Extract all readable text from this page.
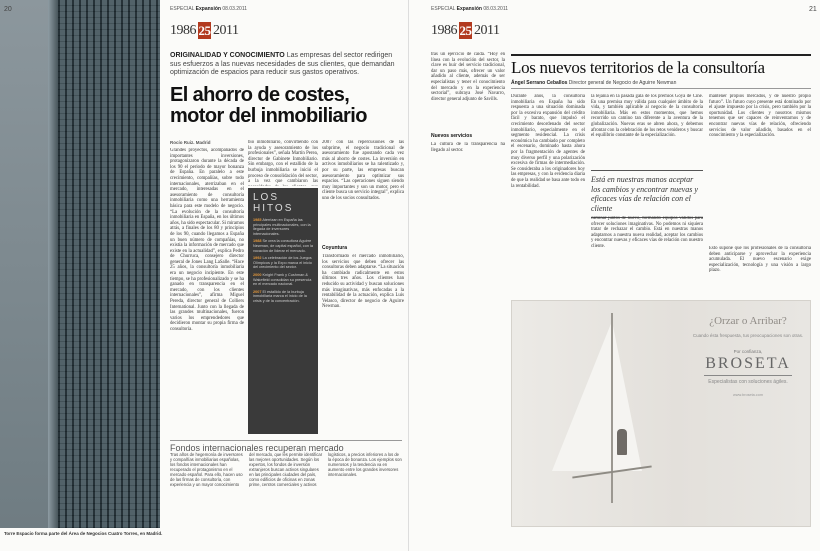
20	ESPECIAL Expansión 08.03.2011
1986 25 2011
ORIGINALIDAD Y CONOCIMIENTO Las empresas del sector redirigen sus esfuerzos a las nuevas necesidades de sus clientes, que demandan optimización de espacios para reducir sus gastos operativos.
El ahorro de costes, motor del inmobiliario
Rocío Ruiz. Madrid
Grandes proyectos, acompañados de importantes inversiones, protagonizaron durante la década de los 90 el periodo de mayor bonanza de España. En paralelo a este crecimiento, compañías, sobre todo internacionales, aterrizaban en el mercado, interesadas en el asesoramiento de consultoría inmobiliaria como una herramienta básica para este modelo de negocio. “La evolución de la consultoría inmobiliaria en España, en los últimos años, ha sido espectacular. Si miramos atrás, a finales de los 80 y principios de los 90, cuando llegamos a España un buen número de compañías, no existía la información de mercado que existe en la actualidad”, explica Pedro de Churruca, consejero director general de Jones Lang LaSalle. “Hace 25 años, la consultoría inmobiliaria era un negocio incipiente. En este tiempo, se ha profesionalizado y se ha ganado en transparencia en el mercado, con los clientes internacionales”, afirma Miguel Pereda, director general de Colliers International. Junto con la llegada de las grandes multinacionales, fueron varios los emprendedores que decidieron montar su propia firma de consultoría.
bio inmobiliario, convirtiendo con la ayuda y asesoramiento de los profesionales”, señala Martín Perea, director de Gabinete Inmobiliario. Sin embargo, con el estallido de la burbuja inmobiliaria se inició el proceso de consolidación del sector, a la vez que cambiaron las
LOS HITOS
1985 Aterrizan en España las principales multinacionales, con la llegada de inversores internacionales.
1988 Se crea la consultora Aguirre Newman, de capital español, con la vocación de liderar el mercado.
1992 La celebración de los Juegos Olímpicos y la Expo marca el inicio del crecimiento del sector.
2000 Knight Frank y Cushman & Wakefield consolidan su presencia en el mercado nacional.
2007 El estallido de la burbuja inmobiliaria marca el inicio de la crisis y de la concentración.
2007 con las repercusiones de las subprime, el negocio tradicional de asesoramiento fue apostando cada vez más al ahorro de costes. La inversión en activos inmobiliarios se ha ralentizado y, por su parte, las empresas buscan asesoramiento para optimizar sus espacios. “Las operaciones siguen siendo muy importantes y son un motor, pero el cliente busca un servicio integral”, explica uno de los socios consultados.
Coyuntura
Transformado el mercado inmobiliario, los servicios que deben ofrecer las consultoras deben adaptarse. “La situación ha cambiado radicalmente en estos últimos tres años. Los clientes han reducido su actividad y buscan soluciones más imaginativas, más enfocadas a la rentabilidad de la actuación, explica Luis Velasco, director de negocio de Aguirre Newman.
Fondos internacionales recuperan mercado
Tras años de hegemonía de inversores y compañías inmobiliarias españolas, los fondos internacionales han recuperado el protagonismo en el mercado español. Para ello, hacen uso de las firmas de consultoría, con experiencia y un mayor conocimiento del mercado, que les permite identificar las mejores oportunidades. Según los expertos, los fondos de inversión extranjeros buscan activos singulares en las principales ciudades del país, como edificios de oficinas en zonas prime, centros comerciales y activos logísticos, a precios inferiores a los de la época de bonanza. Los ejemplos son numerosos y la tendencia va en aumento entre los grandes inversores internacionales.
Torre Espacio forma parte del Área de Negocios Cuatro Torres, en Madrid.
21
ESPECIAL Expansión 08.03.2011
1986 25 2011
tras un ejercicio de caída. “Hoy en línea con la evolución del sector, la clave es huir del servicio tradicional, dar un paso más, ofrecer un valor añadido al cliente, además de ser especialistas y tener el conocimiento del mercado y en la experiencia sectorial”, subraya José Navarro, director general adjunto de Savills.
Nuevos servicios
La cultura de la transparencia ha llegado al sector.
Los nuevos territorios de la consultoría
Ángel Serrano Ceballos Director general de Negocio de Aguirre Newman
Durante años, la consultoría inmobiliaria en España ha sido respuesta a una situación dominada por la excesiva expansión del crédito fácil y barato, que impulsó el crecimiento desordenado del sector inmobiliario, especialmente en el segmento residencial. La crisis económica ha cambiado por completo el escenario, dominado hasta ahora por la fragmentación de agentes de muy diverso perfil y una polarización excesiva de firmas de intermediación. Se consideraba a los originadores hoy las empresas, y con la evidencia diaria de que la realidad se basa ante todo en la rentabilidad.
la lejanía en la pasada gala de los premios Goya de Cine. En una premisa muy válida para cualquier ámbito de la vida, y también aplicable al negocio de la consultoría inmobiliaria. Más en estos momentos, que hemos recorrido un camino tan diferente a la aventura de la globalización. Nuevas eras se abren ahora, y debemos afrontar con la celebración de los retos venideros y buscar el equilibrio constante de la especialización.
Está en nuestras manos aceptar los cambios y encontrar nuevas y eficaces vías de relación con el cliente
caminar juntos de nuevo, formando equipos válidos para ofrecer soluciones imaginativas. No podemos ni siquiera tratar de rechazar el cambio. Está en nuestras manos adaptarnos a nuestra nueva realidad, aceptar los cambios y encontrar nuevas y eficaces vías de relación con nuestro cliente.
mantener propios mercados, y de nuestro propio futuro”. Un futuro cuyo presente está dominado por el ajuste impuesto por la crisis, pero también por la oportunidad. Los clientes y nosotros mismos tenemos que ser capaces de reinventarnos y de encontrar nuevas vías de relación, ofreciendo servicios de valor añadido, basados en el conocimiento y la especialización.
Esto supone que los profesionales de la consultoría deben anticiparse y aprovechar la experiencia acumulada. El nuevo escenario exige especialización, tecnología y una visión a largo plazo.
¿Orzar o Arribar?
Cuando ésta frespuesta, tus preocupaciones son otras.
Por confianza,
BROSETA
Especialistas con soluciones ágiles.
www.broseta.com
